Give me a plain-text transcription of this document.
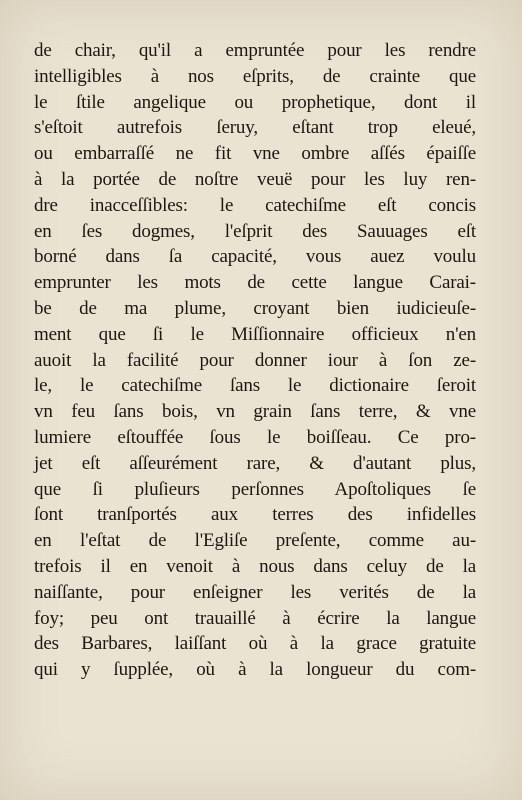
de chair, qu'il a empruntée pour les rendre
intelligibles à nos eſprits, de crainte que
le ſtile angelique ou prophetique, dont il
s'eſtoit autrefois ſeruy, eſtant trop eleué,
ou embarraſſé ne fit vne ombre aſſés épaiſſe
à la portée de noſtre veuë pour les luy ren-
dre inacceſſibles: le catechiſme eſt concis
en ſes dogmes, l'eſprit des Sauuages eſt
borné dans ſa capacité, vous auez voulu
emprunter les mots de cette langue Carai-
be de ma plume, croyant bien iudicieuſe-
ment que ſi le Miſſionnaire officieux n'en
auoit la facilité pour donner iour à ſon ze-
le, le catechiſme ſans le dictionaire ſeroit
vn feu ſans bois, vn grain ſans terre, & vne
lumiere eſtouffée ſous le boiſſeau. Ce pro-
jet eſt aſſeurément rare, & d'autant plus,
que ſi pluſieurs perſonnes Apoſtoliques ſe
ſont tranſportés aux terres des infidelles
en l'eſtat de l'Egliſe preſente, comme au-
trefois il en venoit à nous dans celuy de la
naiſſante, pour enſeigner les verités de la
foy; peu ont trauaillé à écrire la langue
des Barbares, laiſſant où à la grace gratuite
qui y ſupplée, où à la longueur du com-
